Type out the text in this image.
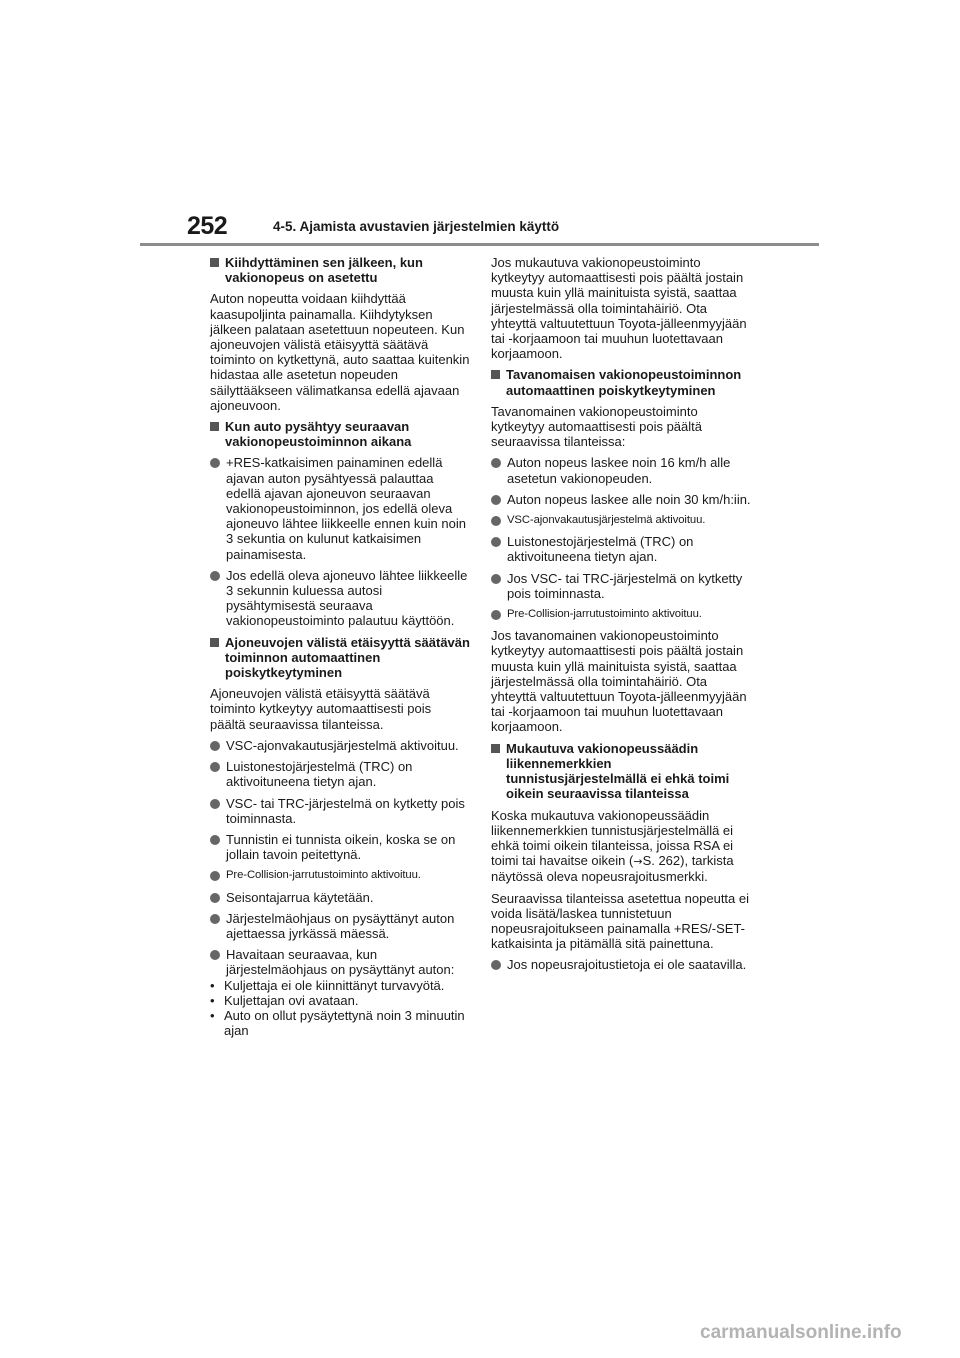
252	4-5. Ajamista avustavien järjestelmien käyttö
Kiihdyttäminen sen jälkeen, kun vakionopeus on asetettu

Auton nopeutta voidaan kiihdyttää kaasupoljinta painamalla. Kiihdytyksen jälkeen palataan asetettuun nopeuteen. Kun ajoneuvojen välistä etäisyyttä säätävä toiminto on kytkettynä, auto saattaa kuitenkin hidastaa alle asetetun nopeuden säilyttääkseen välimatkansa edellä ajavaan ajoneuvoon.

Kun auto pysähtyy seuraavan vakionopeustoiminnon aikana
+RES-katkaisimen painaminen edellä ajavan auton pysähtyessä palauttaa edellä ajavan ajoneuvon seuraavan vakionopeustoiminnon, jos edellä oleva ajoneuvo lähtee liikkeelle ennen kuin noin 3 sekuntia on kulunut katkaisimen painamisesta.
Jos edellä oleva ajoneuvo lähtee liikkeelle 3 sekunnin kuluessa autosi pysähtymisestä seuraava vakionopeustoiminto palautuu käyttöön.
Ajoneuvojen välistä etäisyyttä säätävän toiminnon automaattinen poiskytkeytyminen

Ajoneuvojen välistä etäisyyttä säätävä toiminto kytkeytyy automaattisesti pois päältä seuraavissa tilanteissa.

VSC-ajonvakautusjärjestelmä aktivoituu.
Luistonestojärjestelmä (TRC) on aktivoituneena tietyn ajan.
VSC- tai TRC-järjestelmä on kytketty pois toiminnasta.
Tunnistin ei tunnista oikein, koska se on jollain tavoin peitettynä.
Pre-Collision-jarrutustoiminto aktivoituu.
Seisontajarrua käytetään.
Järjestelmäohjaus on pysäyttänyt auton ajettaessa jyrkässä mäessä.
Havaitaan seuraavaa, kun järjestelmäohjaus on pysäyttänyt auton:
• Kuljettaja ei ole kiinnittänyt turvavyötä.
• Kuljettajan ovi avataan.
• Auto on ollut pysäytettynä noin 3 minuutin ajan

Jos mukautuva vakionopeustoiminto kytkeytyy automaattisesti pois päältä jostain muusta kuin yllä mainituista syistä, saattaa järjestelmässä olla toimintahäiriö. Ota yhteyttä valtuutettuun Toyota-jälleenmyyjään tai -korjaamoon tai muuhun luotettavaan korjaamoon.

Tavanomaisen vakionopeustoiminnon automaattinen poiskytkeytyminen

Tavanomainen vakionopeustoiminto kytkeytyy automaattisesti pois päältä seuraavissa tilanteissa:

Auton nopeus laskee noin 16 km/h alle asetetun vakionopeuden.
Auton nopeus laskee alle noin 30 km/h:iin.
VSC-ajonvakautusjärjestelmä aktivoituu.
Luistonestojärjestelmä (TRC) on aktivoituneena tietyn ajan.
Jos VSC- tai TRC-järjestelmä on kytketty pois toiminnasta.
Pre-Collision-jarrutustoiminto aktivoituu.

Jos tavanomainen vakionopeustoiminto kytkeytyy automaattisesti pois päältä jostain muusta kuin yllä mainituista syistä, saattaa järjestelmässä olla toimintahäiriö. Ota yhteyttä valtuutettuun Toyota-jälleenmyyjään tai -korjaamoon tai muuhun luotettavaan korjaamoon.

Mukautuva vakionopeussäädin liikennemerkkien tunnistusjärjestelmällä ei ehkä toimi oikein seuraavissa tilanteissa

Koska mukautuva vakionopeussäädin liikennemerkkien tunnistusjärjestelmällä ei ehkä toimi oikein tilanteissa, joissa RSA ei toimi tai havaitse oikein (→S. 262), tarkista näytössä oleva nopeusrajoitusmerkki.

Seuraavissa tilanteissa asetettua nopeutta ei voida lisätä/laskea tunnistetuun nopeusrajoitukseen painamalla +RES/-SET-katkaisinta ja pitämällä sitä painettuna.

Jos nopeusrajoitustietoja ei ole saatavilla.
carmanualsonline.info
